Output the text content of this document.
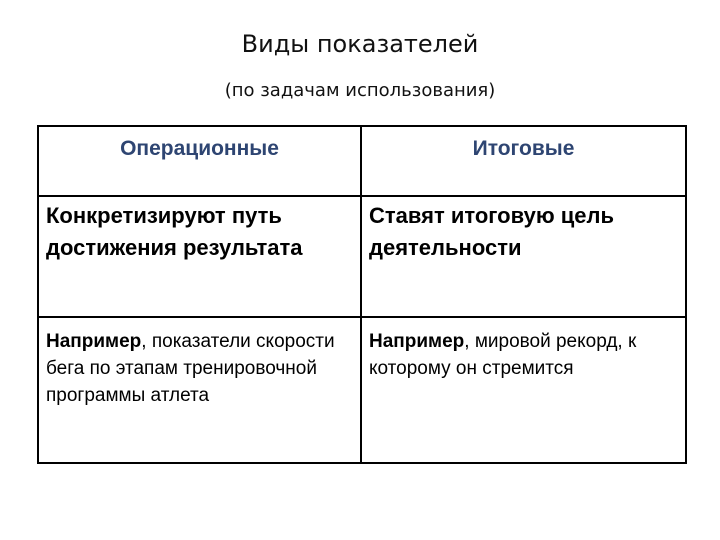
Виды показателей
(по задачам использования)
Операционные	Итоговые
Конкретизируют путь достижения результата	Ставят итоговую цель деятельности
Например, показатели скорости бега по этапам тренировочной программы атлета	Например, мировой рекорд, к которому он стремится
